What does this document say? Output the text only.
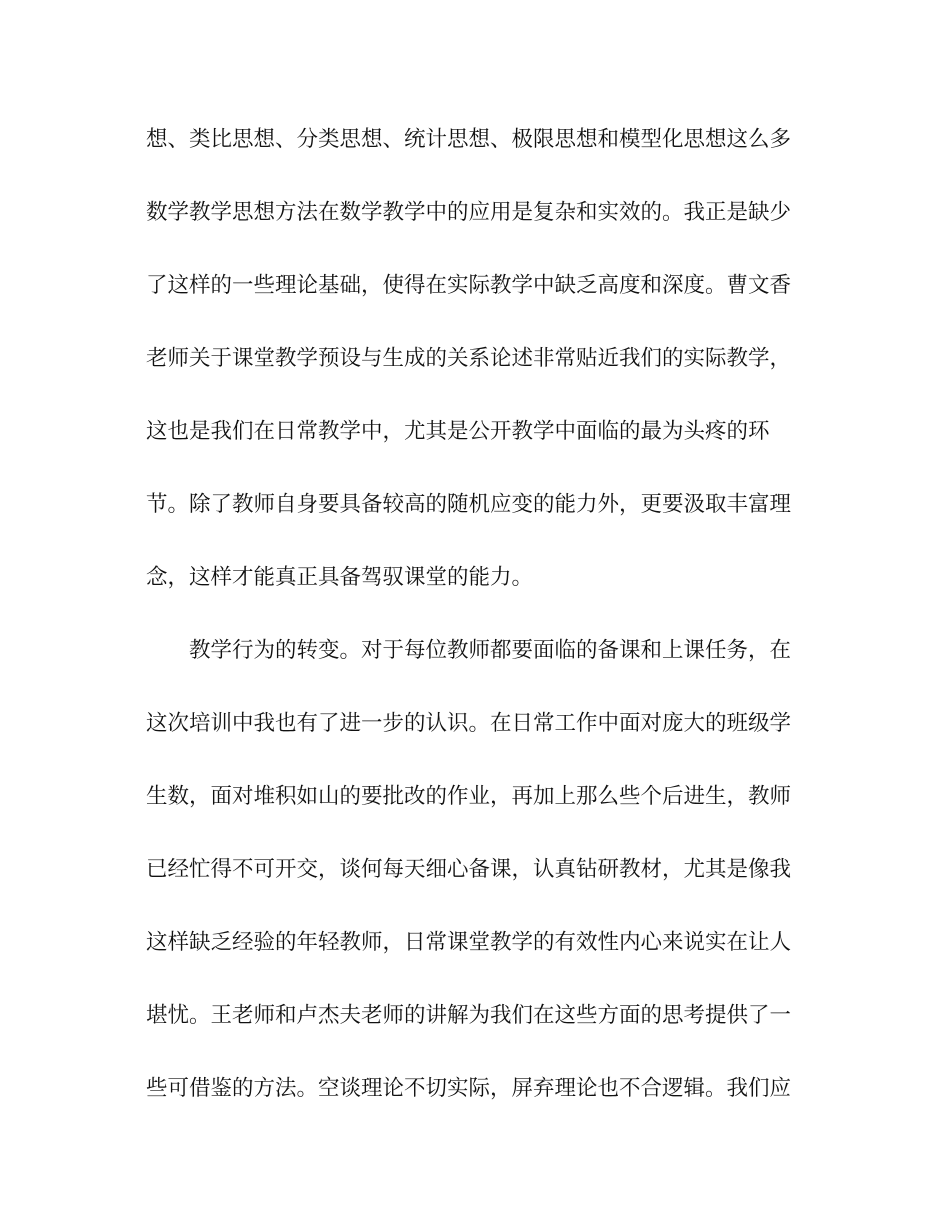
想、类比思想、分类思想、统计思想、极限思想和模型化思想这么多
数学教学思想方法在数学教学中的应用是复杂和实效的。我正是缺少
了这样的一些理论基础，使得在实际教学中缺乏高度和深度。曹文香
老师关于课堂教学预设与生成的关系论述非常贴近我们的实际教学，
这也是我们在日常教学中，尤其是公开教学中面临的最为头疼的环
节。除了教师自身要具备较高的随机应变的能力外，更要汲取丰富理
念，这样才能真正具备驾驭课堂的能力。
教学行为的转变。对于每位教师都要面临的备课和上课任务，在
这次培训中我也有了进一步的认识。在日常工作中面对庞大的班级学
生数，面对堆积如山的要批改的作业，再加上那么些个后进生，教师
已经忙得不可开交，谈何每天细心备课，认真钻研教材，尤其是像我
这样缺乏经验的年轻教师，日常课堂教学的有效性内心来说实在让人
堪忧。王老师和卢杰夫老师的讲解为我们在这些方面的思考提供了一
些可借鉴的方法。空谈理论不切实际，屏弃理论也不合逻辑。我们应
